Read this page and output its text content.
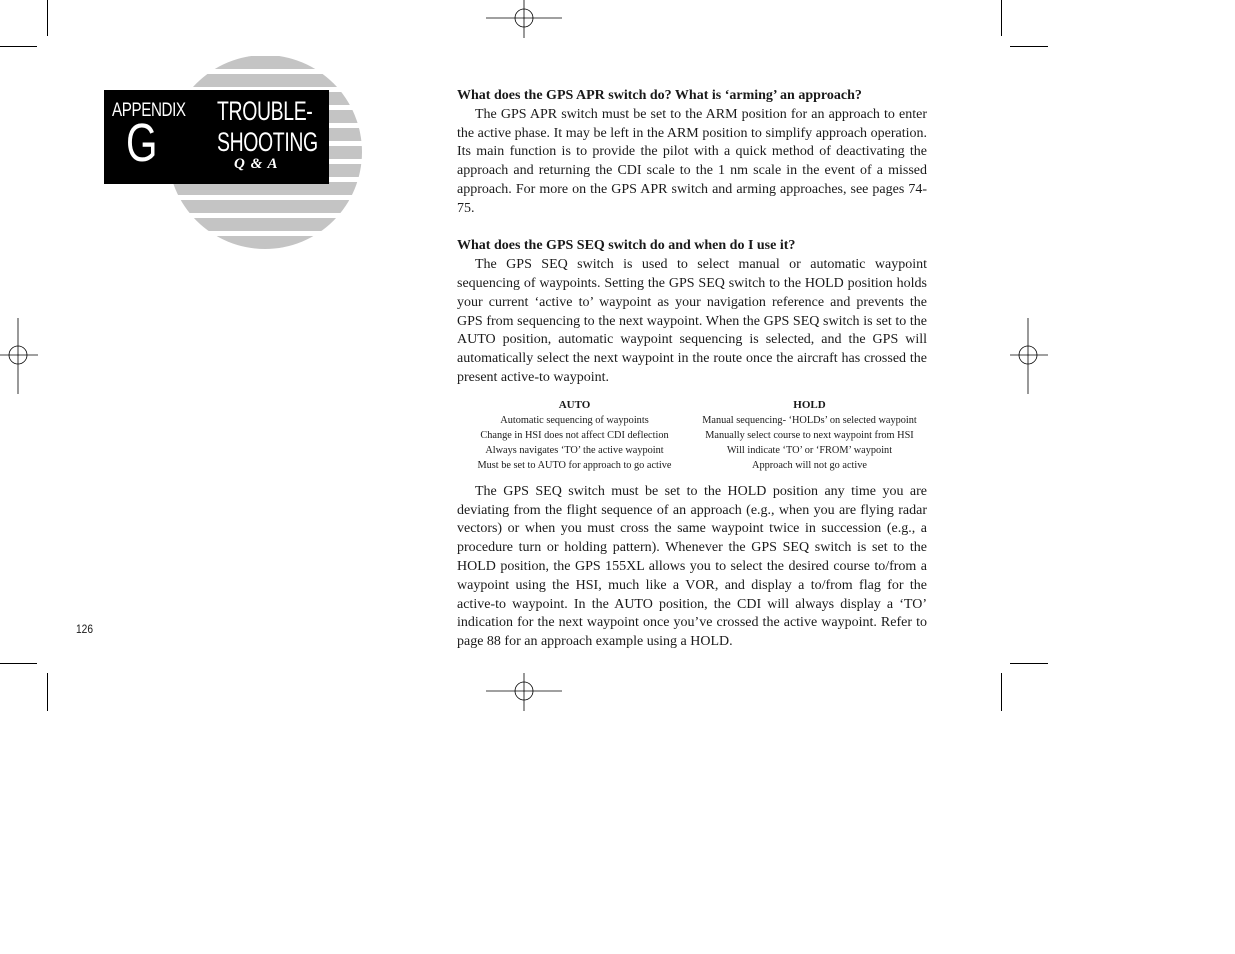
APPENDIX
G
TROUBLE-
SHOOTING
Q & A

What does the GPS APR switch do? What is ‘arming’ an approach?

The GPS APR switch must be set to the ARM position for an approach to enter the active phase. It may be left in the ARM position to simplify approach operation. Its main function is to provide the pilot with a quick method of deactivating the approach and returning the CDI scale to the 1 nm scale in the event of a missed approach. For more on the GPS APR switch and arming approaches, see pages 74-75.

What does the GPS SEQ switch do and when do I use it?

The GPS SEQ switch is used to select manual or automatic waypoint sequencing of waypoints. Setting the GPS SEQ switch to the HOLD position holds your current ‘active to’ waypoint as your navigation reference and prevents the GPS from sequencing to the next waypoint. When the GPS SEQ switch is set to the AUTO position, automatic waypoint sequencing is selected, and the GPS will automatically select the next waypoint in the route once the aircraft has crossed the present active-to waypoint.

AUTO
Automatic sequencing of waypoints
Change in HSI does not affect CDI deflection
Always navigates ‘TO’ the active waypoint
Must be set to AUTO for approach to go active
HOLD
Manual sequencing- ‘HOLDs’ on selected waypoint
Manually select course to next waypoint from HSI
Will indicate ‘TO’ or ‘FROM’ waypoint
Approach will not go active

The GPS SEQ switch must be set to the HOLD position any time you are deviating from the flight sequence of an approach (e.g., when you are flying radar vectors) or when you must cross the same waypoint twice in succession (e.g., a procedure turn or holding pattern). Whenever the GPS SEQ switch is set to the HOLD position, the GPS 155XL allows you to select the desired course to/from a waypoint using the HSI, much like a VOR, and display a to/from flag for the active-to waypoint. In the AUTO position, the CDI will always display a ‘TO’ indication for the next waypoint once you’ve crossed the active waypoint. Refer to page 88 for an approach example using a HOLD.

126
